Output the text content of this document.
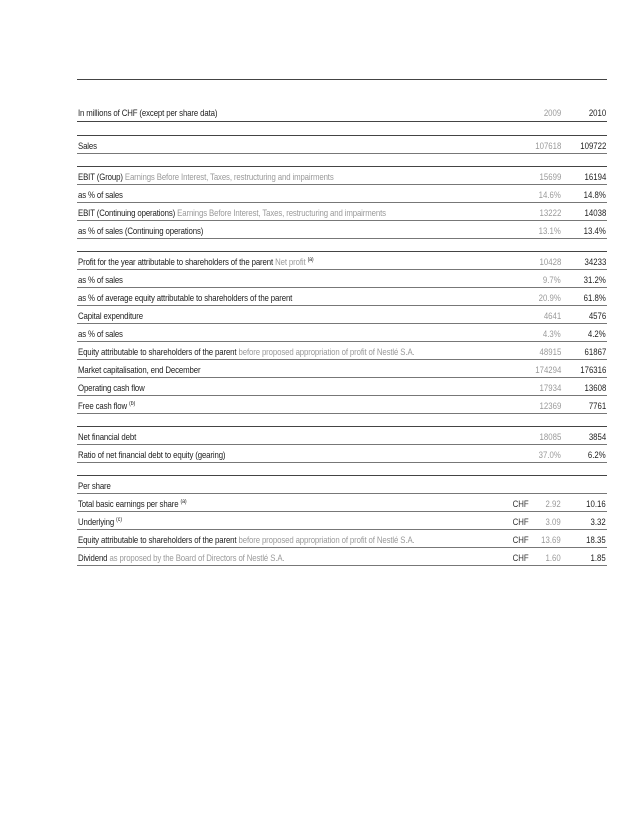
In millions of CHF (except per share data)	2009	2010
Sales	107618 109722
EBIT (Group) Earnings Before Interest, Taxes, restructuring and impairments	15699	16194
as % of sales	14.6%	14.8%
EBIT (Continuing operations) Earnings Before Interest, Taxes, restructuring and impairments	13222	14038
as % of sales (Continuing operations)	13.1%	13.4%
Profit for the year attributable to shareholders of the parent Net profit $^{(a)}$	10428	34233
as % of sales	9.7%	31.2%
as % of average equity attributable to shareholders of the parent	20.9%	61.8%
Capital expenditure	4641	4576
as % of sales	4.3%	4.2%
Equity attributable to shareholders of the parent before proposed appropriation of profit of Nestlé S.A.	48915	61867
Market capitalisation, end December	174294 176316
Operating cash flow	17934	13608
Free cash flow $^{(b)}$	12369	7761
Net financial debt	18085	3854
Ratio of net financial debt to equity (gearing)	37.0%	6.2%
Per share
Total basic earnings per share $^{(a)}$	CHF 2.92	10.16
Underlying $^{(c)}$	CHF 3.09	3.32
Equity attributable to shareholders of the parent before proposed appropriation of profit of Nestlé S.A.	CHF 13.69	18.35
Dividend as proposed by the Board of Directors of Nestlé S.A.	CHF 1.60	1.85
